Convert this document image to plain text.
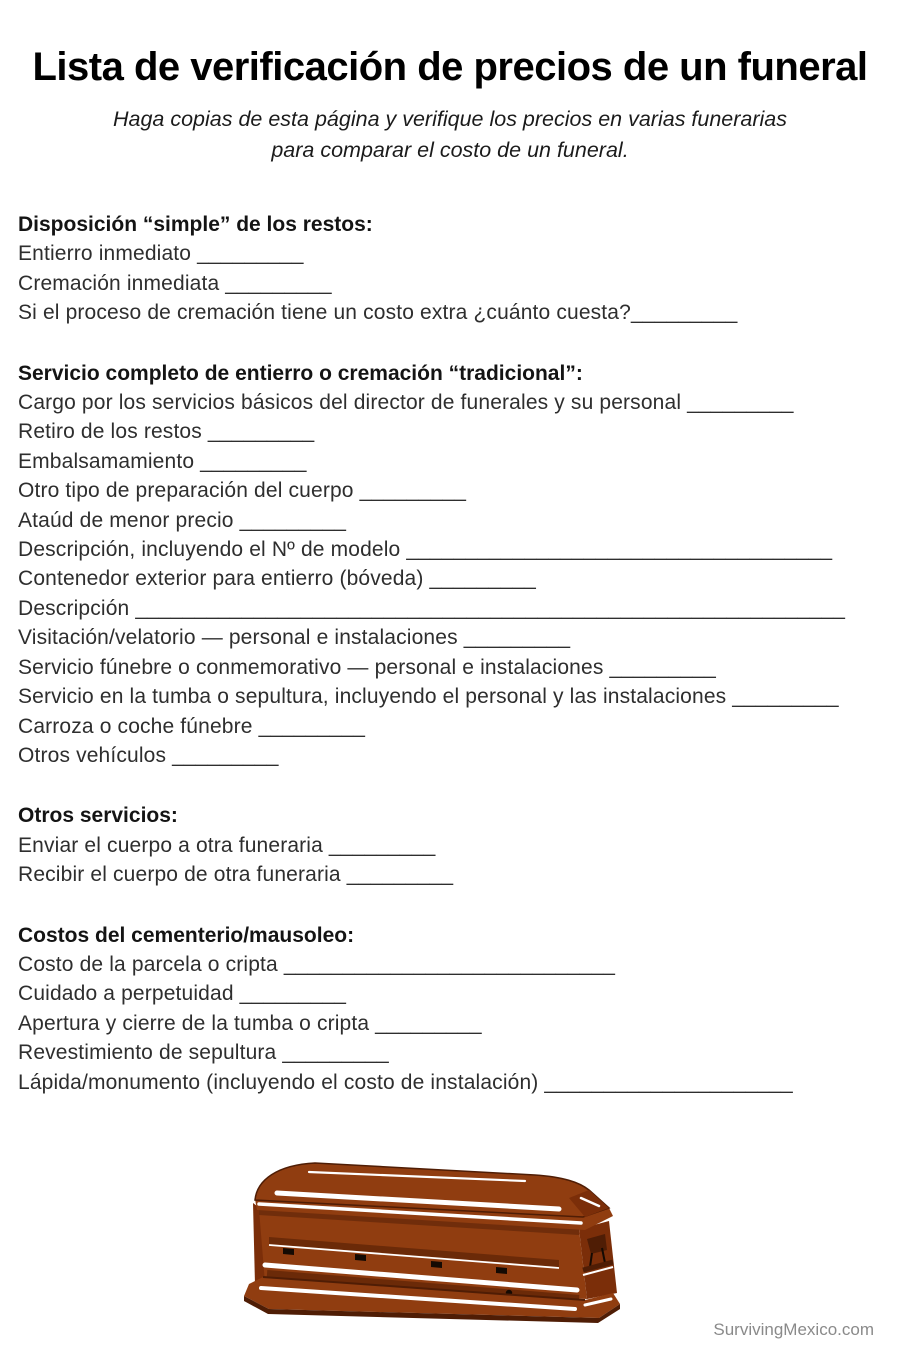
Lista de verificación de precios de un funeral

Haga copias de esta página y verifique los precios en varias funerarias
para comparar el costo de un funeral.

Disposición “simple” de los restos:

Entierro inmediato _________

Cremación inmediata _________

Si el proceso de cremación tiene un costo extra ¿cuánto cuesta?_________

Servicio completo de entierro o cremación “tradicional”:

Cargo por los servicios básicos del director de funerales y su personal _________

Retiro de los restos _________

Embalsamamiento _________

Otro tipo de preparación del cuerpo _________

Ataúd de menor precio _________

Descripción, incluyendo el Nº de modelo ____________________________________

Contenedor exterior para entierro (bóveda) _________

Descripción ____________________________________________________________

Visitación/velatorio — personal e instalaciones _________

Servicio fúnebre o conmemorativo — personal e instalaciones _________

Servicio en la tumba o sepultura, incluyendo el personal y las instalaciones _________

Carroza o coche fúnebre _________

Otros vehículos _________

Otros servicios:

Enviar el cuerpo a otra funeraria _________

Recibir el cuerpo de otra funeraria _________

Costos del cementerio/mausoleo:

Costo de la parcela o cripta ____________________________

Cuidado a perpetuidad _________

Apertura y cierre de la tumba o cripta _________

Revestimiento de sepultura _________

Lápida/monumento (incluyendo el costo de instalación) _____________________

SurvivingMexico.com
